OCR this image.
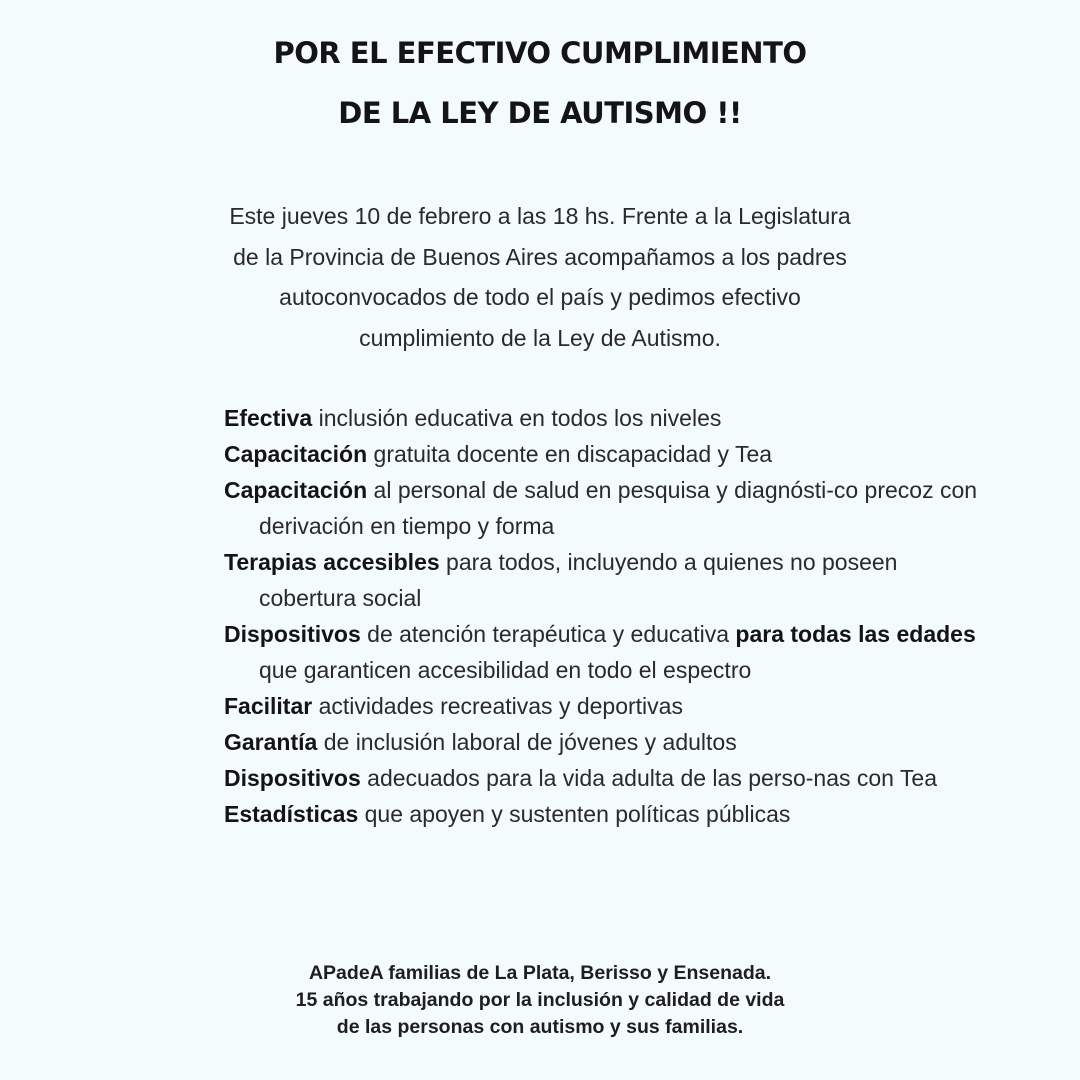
POR EL EFECTIVO CUMPLIMIENTO
DE LA LEY DE AUTISMO !!

Este jueves 10 de febrero a las 18 hs. Frente a la Legislatura
de la Provincia de Buenos Aires acompañamos a los padres
autoconvocados de todo el país y pedimos efectivo
cumplimiento de la Ley de Autismo.

Efectiva inclusión educativa en todos los niveles
Capacitación gratuita docente en discapacidad y Tea
Capacitación al personal de salud en pesquisa y diagnósti-co precoz con derivación en tiempo y forma
Terapias accesibles para todos, incluyendo a quienes no poseen cobertura social
Dispositivos de atención terapéutica y educativa para todas las edades que garanticen accesibilidad en todo el espectro
Facilitar actividades recreativas y deportivas
Garantía de inclusión laboral de jóvenes y adultos
Dispositivos adecuados para la vida adulta de las perso-nas con Tea
Estadísticas que apoyen y sustenten políticas públicas

APadeA familias de La Plata, Berisso y Ensenada.
15 años trabajando por la inclusión y calidad de vida
de las personas con autismo y sus familias.
